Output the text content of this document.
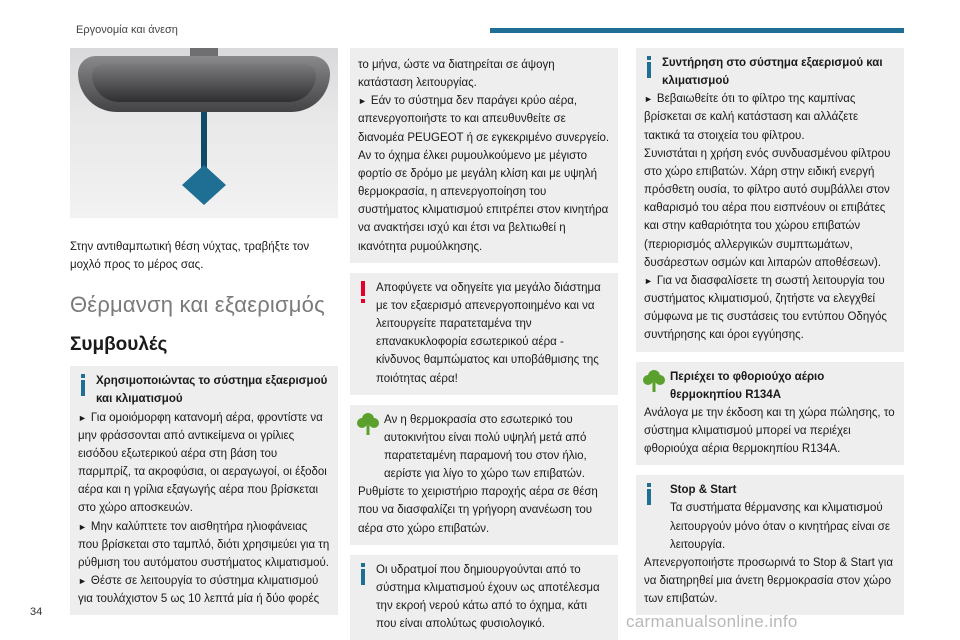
Εργονομία και άνεση

Στην αντιθαμπωτική θέση νύχτας, τραβήξτε τον μοχλό προς το μέρος σας.

Θέρμανση και εξαερισμός
Συμβουλές

Χρησιμοποιώντας το σύστημα εξαερισμού και κλιματισμού

► Για ομοιόμορφη κατανομή αέρα, φροντίστε να μην φράσσονται από αντικείμενα οι γρίλιες εισόδου εξωτερικού αέρα στη βάση του παρμπρίζ, τα ακροφύσια, οι αεραγωγοί, οι έξοδοι αέρα και η γρίλια εξαγωγής αέρα που βρίσκεται στο χώρο αποσκευών.

► Μην καλύπτετε τον αισθητήρα ηλιοφάνειας που βρίσκεται στο ταμπλό, διότι χρησιμεύει για τη ρύθμιση του αυτόματου συστήματος κλιματισμού.

► Θέστε σε λειτουργία το σύστημα κλιματισμού για τουλάχιστον 5 ως 10 λεπτά μία ή δύο φορές

το μήνα, ώστε να διατηρείται σε άψογη κατάσταση λειτουργίας.

► Εάν το σύστημα δεν παράγει κρύο αέρα, απενεργοποιήστε το και απευθυνθείτε σε διανομέα PEUGEOT ή σε εγκεκριμένο συνεργείο.

Αν το όχημα έλκει ρυμουλκούμενο με μέγιστο φορτίο σε δρόμο με μεγάλη κλίση και με υψηλή θερμοκρασία, η απενεργοποίηση του συστήματος κλιματισμού επιτρέπει στον κινητήρα να ανακτήσει ισχύ και έτσι να βελτιωθεί η ικανότητα ρυμούλκησης.

Αποφύγετε να οδηγείτε για μεγάλο διάστημα με τον εξαερισμό απενεργοποιημένο και να λειτουργείτε παρατεταμένα την επανακυκλοφορία εσωτερικού αέρα - κίνδυνος θαμπώματος και υποβάθμισης της ποιότητας αέρα!

Αν η θερμοκρασία στο εσωτερικό του αυτοκινήτου είναι πολύ υψηλή μετά από παρατεταμένη παραμονή του στον ήλιο, αερίστε για λίγο το χώρο των επιβατών.

Ρυθμίστε το χειριστήριο παροχής αέρα σε θέση που να διασφαλίζει τη γρήγορη ανανέωση του αέρα στο χώρο επιβατών.

Οι υδρατμοί που δημιουργούνται από το σύστημα κλιματισμού έχουν ως αποτέλεσμα την εκροή νερού κάτω από το όχημα, κάτι που είναι απολύτως φυσιολογικό.

Συντήρηση στο σύστημα εξαερισμού και κλιματισμού

► Βεβαιωθείτε ότι το φίλτρο της καμπίνας βρίσκεται σε καλή κατάσταση και αλλάζετε τακτικά τα στοιχεία του φίλτρου.

Συνιστάται η χρήση ενός συνδυασμένου φίλτρου στο χώρο επιβατών. Χάρη στην ειδική ενεργή πρόσθετη ουσία, το φίλτρο αυτό συμβάλλει στον καθαρισμό του αέρα που εισπνέουν οι επιβάτες και στην καθαριότητα του χώρου επιβατών (περιορισμός αλλεργικών συμπτωμάτων, δυσάρεστων οσμών και λιπαρών αποθέσεων).

► Για να διασφαλίσετε τη σωστή λειτουργία του συστήματος κλιματισμού, ζητήστε να ελεγχθεί σύμφωνα με τις συστάσεις του εντύπου Οδηγός συντήρησης και όροι εγγύησης.

Περιέχει το φθοριούχο αέριο θερμοκηπίου R134A

Ανάλογα με την έκδοση και τη χώρα πώλησης, το σύστημα κλιματισμού μπορεί να περιέχει φθοριούχα αέρια θερμοκηπίου R134A.

Stop & Start

Τα συστήματα θέρμανσης και κλιματισμού λειτουργούν μόνο όταν ο κινητήρας είναι σε λειτουργία.

Απενεργοποιήστε προσωρινά το Stop & Start για να διατηρηθεί μια άνετη θερμοκρασία στον χώρο των επιβατών.

34	carmanualsonline.info
